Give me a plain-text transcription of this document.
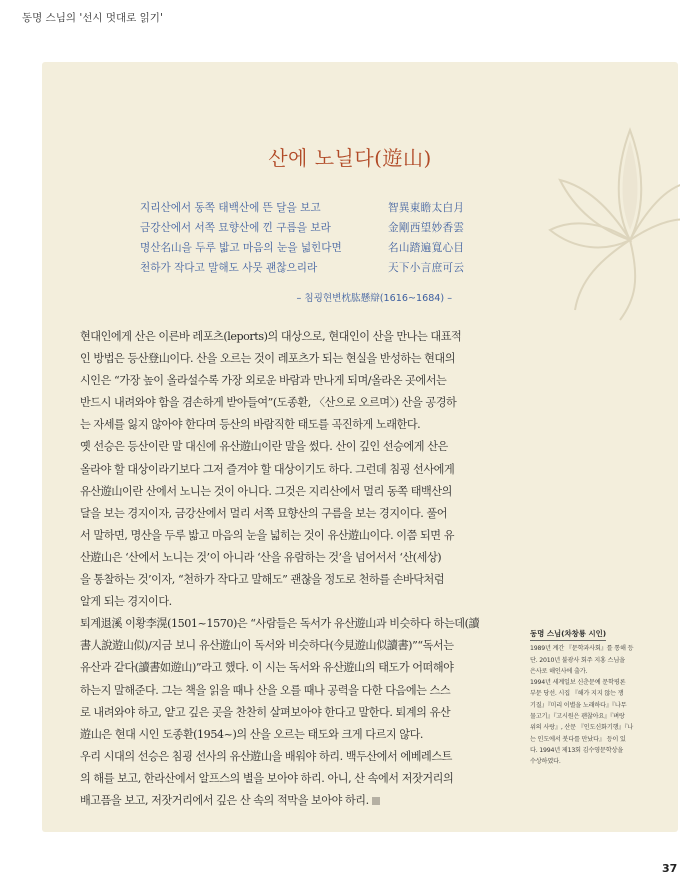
동명 스님의 '선시 멋대로 읽기'
산에 노닐다(遊山)
지리산에서 동쪽 태백산에 뜬 달을 보고	智異東瞻太白月
금강산에서 서쪽 묘향산에 낀 구름을 보라	金剛西望妙香雲
명산名山을 두루 밟고 마음의 눈을 넓힌다면	名山踏遍寬心目
천하가 작다고 말해도 사뭇 괜찮으리라	天下小言庶可云
– 침굉현변枕肱懸辯(1616~1684) –

현대인에게 산은 이른바 레포츠(leports)의 대상으로, 현대인이 산을 만나는 대표적

인 방법은 등산登山이다. 산을 오르는 것이 레포츠가 되는 현실을 반성하는 현대의

시인은 “가장 높이 올라설수록 가장 외로운 바람과 만나게 되며/올라온 곳에서는

반드시 내려와야 함을 겸손하게 받아들여”(도종환, 〈산으로 오르며〉) 산을 공경하

는 자세를 잃지 않아야 한다며 등산의 바람직한 태도를 곡진하게 노래한다.

옛 선승은 등산이란 말 대신에 유산遊山이란 말을 썼다. 산이 깊인 선승에게 산은

올라야 할 대상이라기보다 그저 즐겨야 할 대상이기도 하다. 그런데 침굉 선사에게

유산遊山이란 산에서 노니는 것이 아니다. 그것은 지리산에서 멀리 동쪽 태백산의

달을 보는 경지이자, 금강산에서 멀리 서쪽 묘향산의 구름을 보는 경지이다. 풀어

서 말하면, 명산을 두루 밟고 마음의 눈을 넓히는 것이 유산遊山이다. 이쯤 되면 유

산遊山은 ‘산에서 노니는 것’이 아니라 ‘산을 유람하는 것’을 넘어서서 ‘산(세상)

을 통찰하는 것’이자, “천하가 작다고 말해도” 괜찮을 정도로 천하를 손바닥처럼

알게 되는 경지이다.

퇴계退溪 이황李滉(1501~1570)은 “사람들은 독서가 유산遊山과 비슷하다 하는데(讀

書人說遊山似)/지금 보니 유산遊山이 독서와 비슷하다(今見遊山似讀書)”“독서는

유산과 같다(讀書如遊山)”라고 했다. 이 시는 독서와 유산遊山의 태도가 어떠해야

하는지 말해준다. 그는 책을 읽을 때나 산을 오를 때나 공력을 다한 다음에는 스스

로 내려와야 하고, 얕고 깊은 곳을 찬찬히 살펴보아야 한다고 말한다. 퇴계의 유산

遊山은 현대 시인 도종환(1954~)의 산을 오르는 태도와 크게 다르지 않다.

우리 시대의 선승은 침굉 선사의 유산遊山을 배워야 하리. 백두산에서 에베레스트

의 해를 보고, 한라산에서 알프스의 별을 보아야 하리. 아니, 산 속에서 저잣거리의

배고픔을 보고, 저잣거리에서 깊은 산 속의 적막을 보아야 하리.

동명 스님(차창룡 시인)

1989년 계간 『문학과사회』를 통해 등

단. 2010년 불광사 회주 지홍 스님을

은사로 해인사에 출가.

1994년 세계일보 신춘문예 문학평론

부문 당선. 시집 『해가 지지 않는 쟁

기질』『미리 이별을 노래하다』『나무

물고기』『고시원은 괜찮아요』『벼랑

위의 사랑』, 산문 『인도신화기행』『나

는 인도에서 붓다를 만났다』 등이 있

다. 1994년 제13회 김수영문학상을

수상하였다.

37
